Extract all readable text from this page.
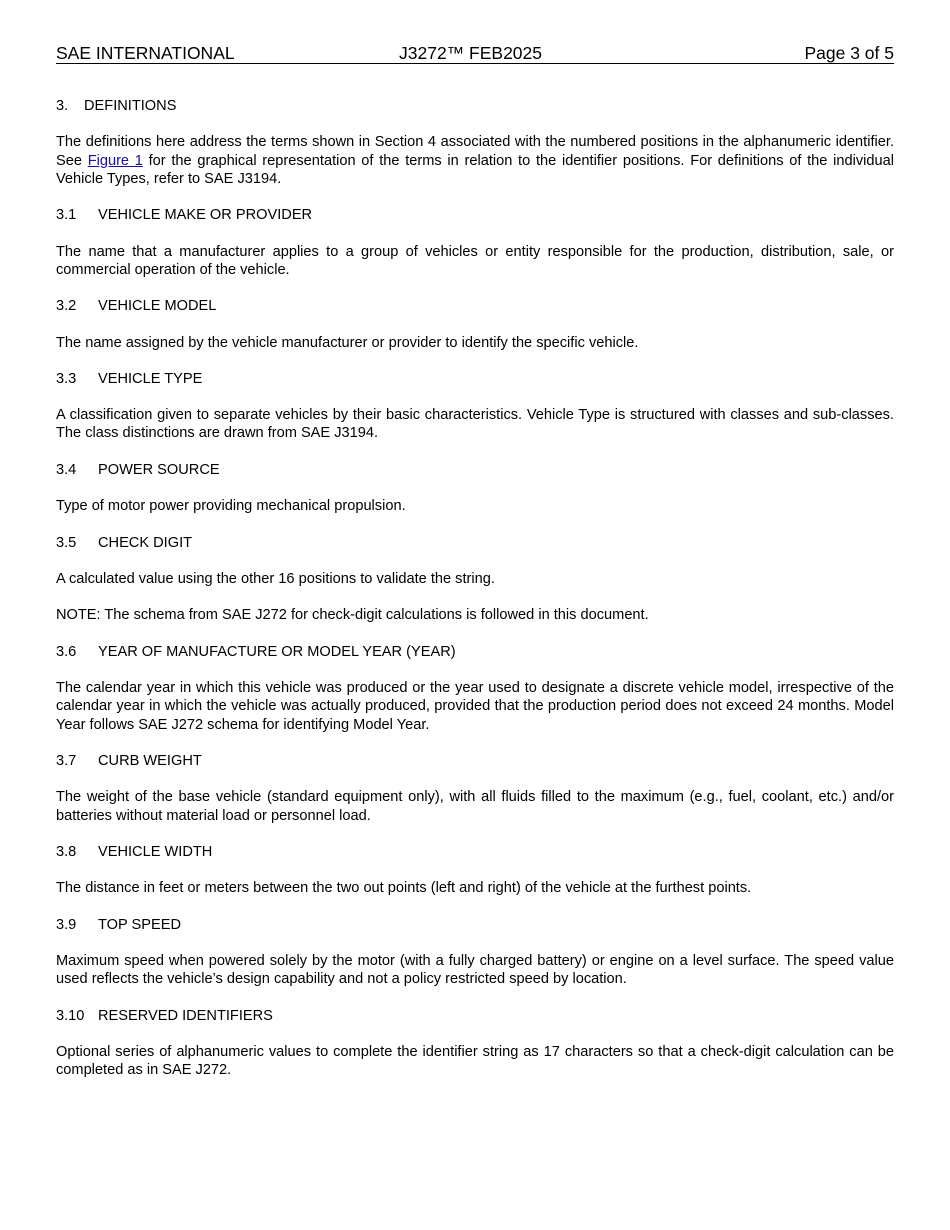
SAE INTERNATIONAL	J3272™ FEB2025	Page 3 of 5
3. DEFINITIONS

The definitions here address the terms shown in Section 4 associated with the numbered positions in the alphanumeric identifier. See Figure 1 for the graphical representation of the terms in relation to the identifier positions. For definitions of the individual Vehicle Types, refer to SAE J3194.

3.1 VEHICLE MAKE OR PROVIDER

The name that a manufacturer applies to a group of vehicles or entity responsible for the production, distribution, sale, or commercial operation of the vehicle.

3.2 VEHICLE MODEL

The name assigned by the vehicle manufacturer or provider to identify the specific vehicle.

3.3 VEHICLE TYPE

A classification given to separate vehicles by their basic characteristics. Vehicle Type is structured with classes and sub-classes. The class distinctions are drawn from SAE J3194.

3.4 POWER SOURCE

Type of motor power providing mechanical propulsion.

3.5 CHECK DIGIT

A calculated value using the other 16 positions to validate the string.

NOTE: The schema from SAE J272 for check-digit calculations is followed in this document.

3.6 YEAR OF MANUFACTURE OR MODEL YEAR (YEAR)

The calendar year in which this vehicle was produced or the year used to designate a discrete vehicle model, irrespective of the calendar year in which the vehicle was actually produced, provided that the production period does not exceed 24 months. Model Year follows SAE J272 schema for identifying Model Year.

3.7 CURB WEIGHT

The weight of the base vehicle (standard equipment only), with all fluids filled to the maximum (e.g., fuel, coolant, etc.) and/or batteries without material load or personnel load.

3.8 VEHICLE WIDTH

The distance in feet or meters between the two out points (left and right) of the vehicle at the furthest points.

3.9 TOP SPEED

Maximum speed when powered solely by the motor (with a fully charged battery) or engine on a level surface. The speed value used reflects the vehicle’s design capability and not a policy restricted speed by location.

3.10 RESERVED IDENTIFIERS

Optional series of alphanumeric values to complete the identifier string as 17 characters so that a check-digit calculation can be completed as in SAE J272.
